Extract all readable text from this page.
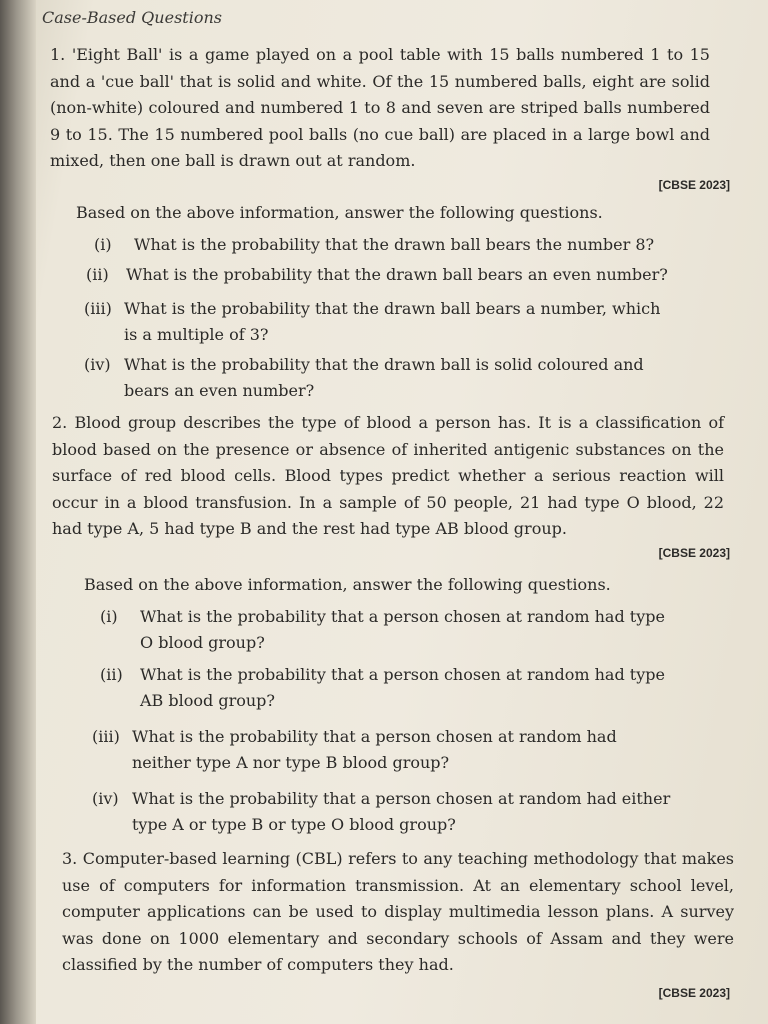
Case-Based Questions
1. 'Eight Ball' is a game played on a pool table with 15 balls numbered 1 to 15 and a 'cue ball' that is solid and white. Of the 15 numbered balls, eight are solid (non-white) coloured and numbered 1 to 8 and seven are striped balls numbered 9 to 15. The 15 numbered pool balls (no cue ball) are placed in a large bowl and mixed, then one ball is drawn out at random.
[CBSE 2023]
Based on the above information, answer the following questions.
(i) What is the probability that the drawn ball bears the number 8?
(ii) What is the probability that the drawn ball bears an even number?
(iii) What is the probability that the drawn ball bears a number, which
is a multiple of 3?
(iv) What is the probability that the drawn ball is solid coloured and
bears an even number?
2. Blood group describes the type of blood a person has. It is a classification of blood based on the presence or absence of inherited antigenic substances on the surface of red blood cells. Blood types predict whether a serious reaction will occur in a blood transfusion. In a sample of 50 people, 21 had type O blood, 22 had type A, 5 had type B and the rest had type AB blood group.
[CBSE 2023]
Based on the above information, answer the following questions.
(i) What is the probability that a person chosen at random had type
O blood group?
(ii) What is the probability that a person chosen at random had type
AB blood group?
(iii) What is the probability that a person chosen at random had
neither type A nor type B blood group?
(iv) What is the probability that a person chosen at random had either
type A or type B or type O blood group?
3. Computer-based learning (CBL) refers to any teaching methodology that makes use of computers for information transmission. At an elementary school level, computer applications can be used to display multimedia lesson plans. A survey was done on 1000 elementary and secondary schools of Assam and they were classified by the number of computers they had.
[CBSE 2023]
